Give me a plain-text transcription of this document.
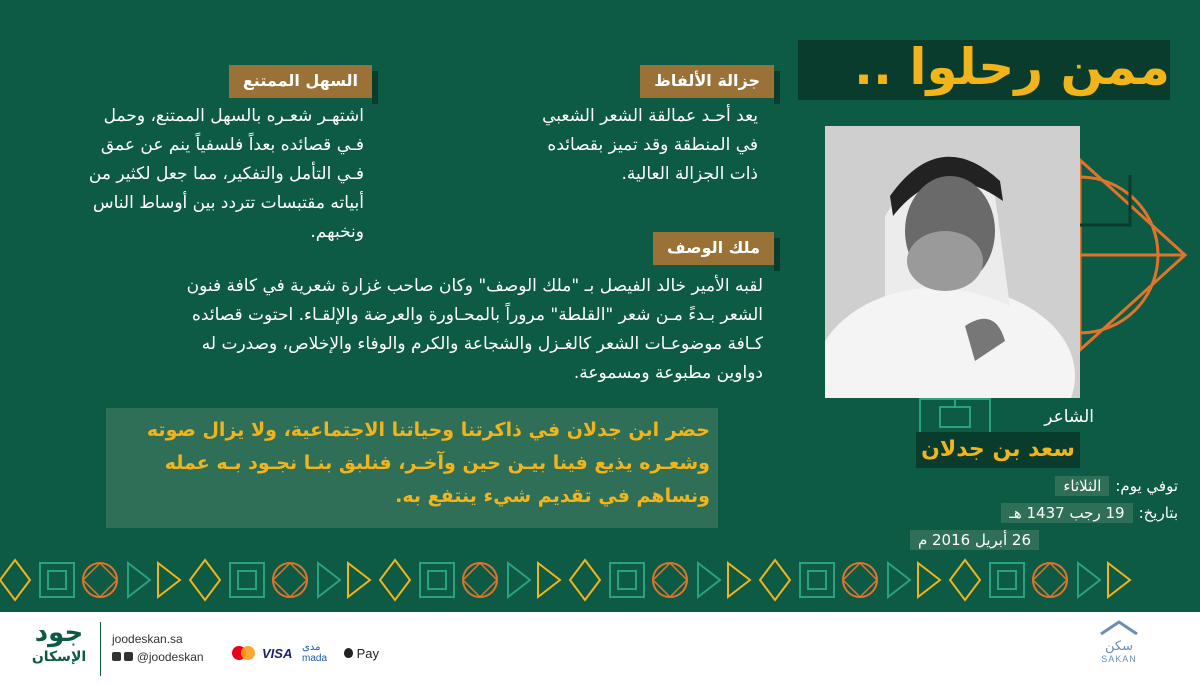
ممن رحلوا ..
جزالة الألفاظ
يعد أحـد عمالقة الشعر الشعبي
في المنطقة وقد تميز بقصائده
ذات الجزالة العالية.
السهل الممتنع
اشتهـر شعـره بالسهل الممتنع، وحمل
فـي قصائده بعداً فلسفياً ينم عن عمق
فـي التأمل والتفكير، مما جعل لكثير من
أبياته مقتبسات تتردد بين أوساط الناس
ونخبهم.
ملك الوصف
لقبه الأمير خالد الفيصل بـ "ملك الوصف" وكان صاحب غزارة شعرية في كافة فنون
الشعر بـدءً مـن شعر "القلطة" مروراً بالمحـاورة والعرضة والإلقـاء. احتوت قصائده
كـافة موضوعـات الشعر كالغـزل والشجاعة والكرم والوفاء والإخلاص، وصدرت له
دواوين مطبوعة ومسموعة.
حضر ابن جدلان في ذاكرتنا وحياتنا الاجتماعية، ولا يزال صوته
وشعـره يذيع فينا بيـن حين وآخـر، فنلبق بنـا نجـود بـه عمله
ونساهم في تقديم شيء ينتفع به.
الشاعر
سعد بن جدلان
توفي يوم:الثلاثاء
بتاريخ:19 رجب 1437 هـ
26 أبريل 2016 م
جود
الإسكان
joodeskan.sa
@joodeskan	VISA مدى
mada	Pay	سكن
SAKAN
